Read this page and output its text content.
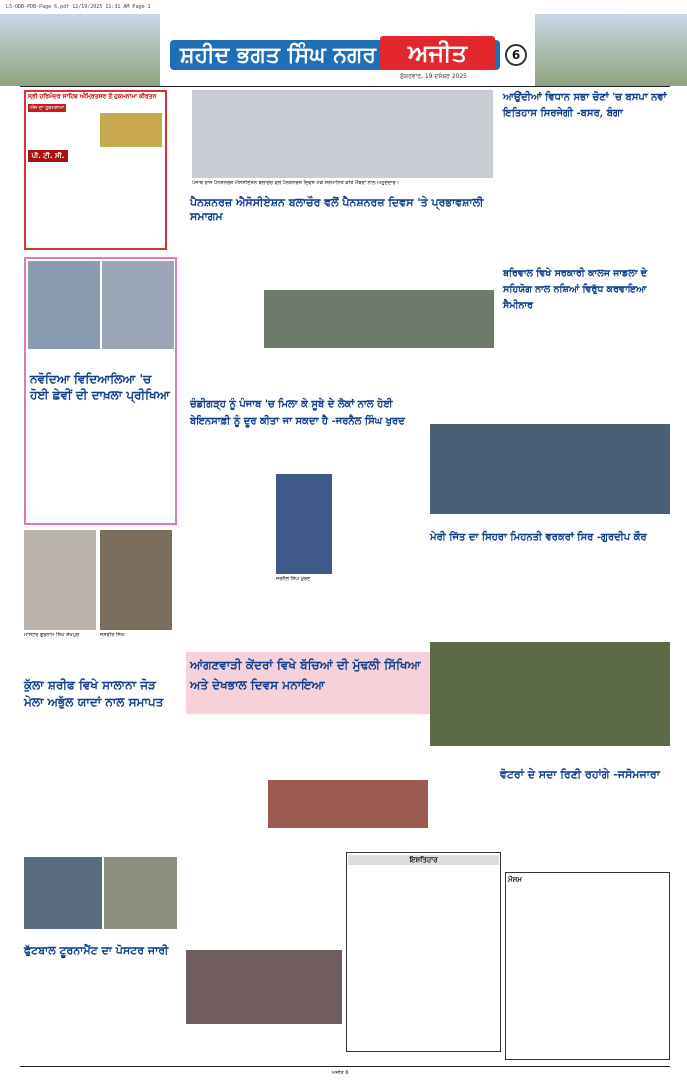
LS-ODB-PDB-Page 6.pdf 12/19/2025 11:31 AM Page 1
ਸ਼ਹੀਦ ਭਗਤ ਸਿੰਘ ਨਗਰ	ਅਜੀਤ	6
ਸ਼ੁੱਕਰਵਾਰ, 19 ਦਸੰਬਰ 2025
ਸ੍ਰੀ ਹਰਿਮੰਦਰ ਸਾਹਿਬ ਅੰਮ੍ਰਿਤਸਰ ਤੋਂ ਹੁਕਮਨਾਮਾ ਕੀਰਤਨ
ਅੱਜ ਦਾ ਹੁਕਮਨਾਮਾ
ਪੀ. ਟੀ. ਸੀ.
ਨਵੋਦਿਆ ਵਿਦਿਆਲਿਆ 'ਚ ਹੋਈ ਛੇਵੀਂ ਦੀ ਦਾਖ਼ਲਾ ਪ੍ਰੀਖਿਆ
ਮਾਸਟਰ ਗੁਰਨਾਮ ਸਿੰਘ ਸ਼ੇਖਪੁਰ	ਜਸਵੀਰ ਸਿੰਘ
ਕੁੱਲਾ ਸ਼ਰੀਫ ਵਿਖੇ ਸਾਲਾਨਾ ਜੋੜ ਮੇਲਾ ਅਭੁੱਲ ਯਾਦਾਂ ਨਾਲ ਸਮਾਪਤ
ਫੁੱਟਬਾਲ ਟੂਰਨਾਮੈਂਟ ਦਾ ਪੋਸਟਰ ਜਾਰੀ
ਪੰਜਾਬ ਰਾਜ ਪੈਨਸ਼ਨਰਜ਼ ਐਸੋਸੀਏਸ਼ਨ ਬਲਾਚੌਰ ਵਲੋਂ ਪੈਨਸ਼ਨਰਜ਼ ਦਿਵਸ ਮੌਕੇ ਸਨਮਾਨਿਤ ਕੀਤੇ ਮੈਂਬਰਾਂ ਨਾਲ ਅਹੁਦੇਦਾਰ।
ਪੈਨਸ਼ਨਰਜ਼ ਐਸੋਸੀਏਸ਼ਨ ਬਲਾਚੌਰ ਵਲੋਂ ਪੈਨਸ਼ਨਰਜ਼ ਦਿਵਸ 'ਤੇ ਪ੍ਰਭਾਵਸ਼ਾਲੀ ਸਮਾਗਮ
ਆਉਂਦੀਆਂ ਵਿਧਾਨ ਸਭਾ ਚੋਣਾਂ 'ਚ ਬਸਪਾ ਨਵਾਂ ਇਤਿਹਾਸ ਸਿਰਜੇਗੀ -ਬਸਰ, ਬੰਗਾ
ਬਰਿਵਾਲ ਵਿਖੇ ਸਰਕਾਰੀ ਕਾਲਜ ਜਾਡਲਾ ਦੇ ਸਹਿਯੋਗ ਨਾਲ ਨਸ਼ਿਆਂ ਵਿਰੁੱਧ ਕਰਵਾਇਆ ਸੈਮੀਨਾਰ
ਚੰਡੀਗੜ੍ਹ ਨੂੰ ਪੰਜਾਬ 'ਚ ਮਿਲਾ ਕੇ ਸੂਬੇ ਦੇ ਲੋਕਾਂ ਨਾਲ ਹੋਈ ਬੇਇਨਸਾਫ਼ੀ ਨੂੰ ਦੂਰ ਕੀਤਾ ਜਾ ਸਕਦਾ ਹੈ -ਜਰਨੈਲ ਸਿੰਘ ਖੁਰਦ
ਜਰਨੈਲ ਸਿੰਘ ਖੁਰਦ
ਮੇਰੀ ਜਿੱਤ ਦਾ ਸਿਹਰਾ ਮਿਹਨਤੀ ਵਰਕਰਾਂ ਸਿਰ -ਗੁਰਦੀਪ ਕੌਰ
ਆਂਗਣਵਾੜੀ ਕੇਂਦਰਾਂ ਵਿਖੇ ਬੱਚਿਆਂ ਦੀ ਮੁੱਢਲੀ ਸਿੱਖਿਆ ਅਤੇ ਦੇਖਭਾਲ ਦਿਵਸ ਮਨਾਇਆ
ਇਸ਼ਤਿਹਾਰ
ਵੋਟਰਾਂ ਦੇ ਸਦਾ ਰਿਣੀ ਰਹਾਂਗੇ -ਜਸੋਮਜਾਰਾ
ਮੌਸਮ
ਅਜੀਤ 6
